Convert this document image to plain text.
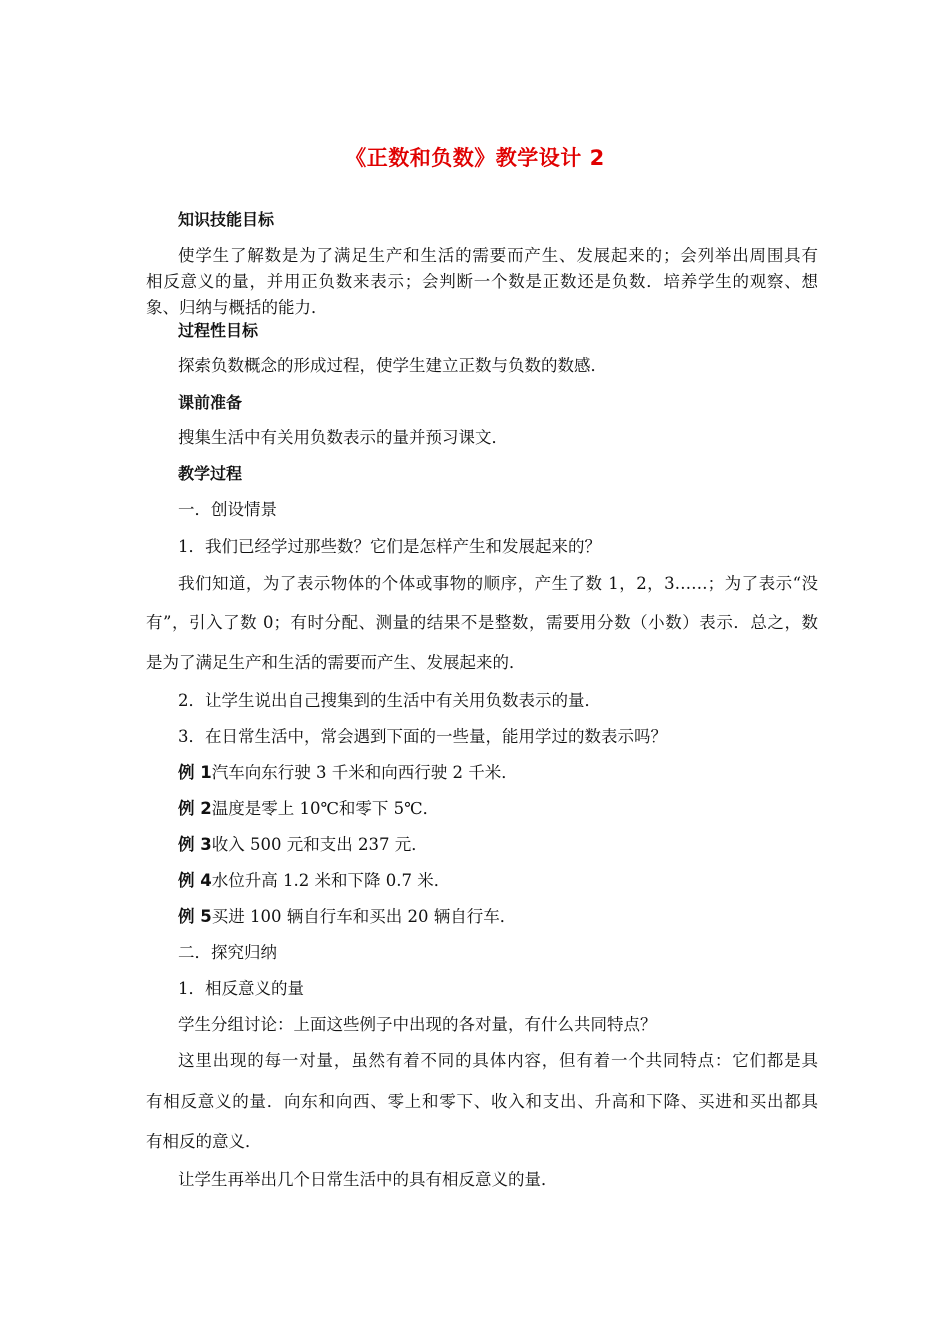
《正数和负数》教学设计 2
知识技能目标
使学生了解数是为了满足生产和生活的需要而产生、发展起来的；会列举出周围具有
相反意义的量，并用正负数来表示；会判断一个数是正数还是负数．培养学生的观察、想
象、归纳与概括的能力．
过程性目标
探索负数概念的形成过程，使学生建立正数与负数的数感．
课前准备
搜集生活中有关用负数表示的量并预习课文．
教学过程
一．创设情景
1．我们已经学过那些数？它们是怎样产生和发展起来的？
我们知道，为了表示物体的个体或事物的顺序，产生了数 1，2，3……；为了表示“没
有”，引入了数 0；有时分配、测量的结果不是整数，需要用分数（小数）表示．总之，数
是为了满足生产和生活的需要而产生、发展起来的．
2．让学生说出自己搜集到的生活中有关用负数表示的量．
3．在日常生活中，常会遇到下面的一些量，能用学过的数表示吗？
例 1汽车向东行驶 3 千米和向西行驶 2 千米．
例 2温度是零上 10℃和零下 5℃．
例 3收入 500 元和支出 237 元．
例 4水位升高 1.2 米和下降 0.7 米．
例 5买进 100 辆自行车和买出 20 辆自行车．
二．探究归纳
1．相反意义的量
学生分组讨论：上面这些例子中出现的各对量，有什么共同特点？
这里出现的每一对量，虽然有着不同的具体内容，但有着一个共同特点：它们都是具
有相反意义的量．向东和向西、零上和零下、收入和支出、升高和下降、买进和买出都具
有相反的意义．
让学生再举出几个日常生活中的具有相反意义的量．
